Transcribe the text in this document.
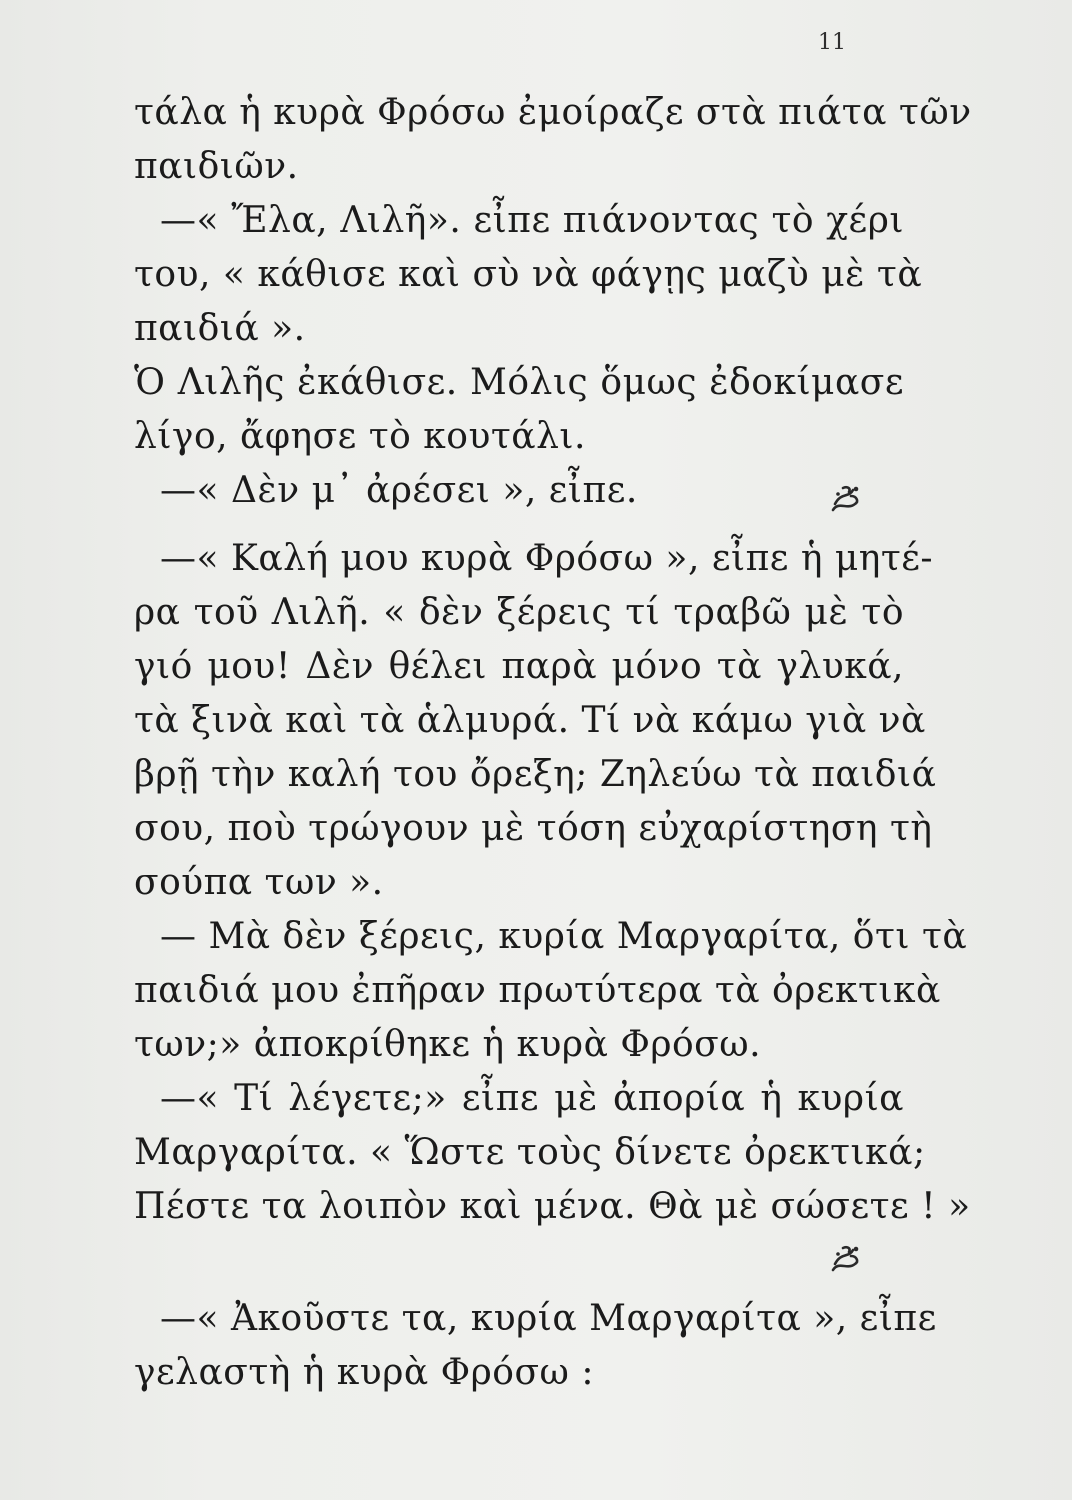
11
τάλα ἡ κυρὰ Φρόσω ἐμοίραζε στὰ πιάτα τῶν
παιδιῶν.
—« Ἔλα, Λιλῆ». εἶπε πιάνοντας τὸ χέρι
του, « κάθισε καὶ σὺ νὰ φάγῃς μαζὺ μὲ τὰ
παιδιά ».
Ὁ Λιλῆς ἐκάθισε. Μόλις ὅμως ἐδοκίμασε
λίγο, ἄφησε τὸ κουτάλι.
—« Δὲν μ᾿ ἀρέσει », εἶπε.
—« Καλή μου κυρὰ Φρόσω », εἶπε ἡ μητέ-
ρα τοῦ Λιλῆ. « δὲν ξέρεις τί τραβῶ μὲ τὸ
γιό μου! Δὲν θέλει παρὰ μόνο τὰ γλυκά,
τὰ ξινὰ καὶ τὰ ἁλμυρά. Τί νὰ κάμω γιὰ νὰ
βρῇ τὴν καλή του ὄρεξη; Ζηλεύω τὰ παιδιά
σου, ποὺ τρώγουν μὲ τόση εὐχαρίστηση τὴ
σούπα των ».
— Μὰ δὲν ξέρεις, κυρία Μαργαρίτα, ὅτι τὰ
παιδιά μου ἐπῆραν πρωτύτερα τὰ ὀρεκτικὰ
των;» ἀποκρίθηκε ἡ κυρὰ Φρόσω.
—« Τί λέγετε;» εἶπε μὲ ἀπορία ἡ κυρία
Μαργαρίτα. « Ὥστε τοὺς δίνετε ὀρεκτικά;
Πέστε τα λοιπὸν καὶ μένα. Θὰ μὲ σώσετε ! »
—« Ἀκοῦστε τα, κυρία Μαργαρίτα », εἶπε
γελαστὴ ἡ κυρὰ Φρόσω :
